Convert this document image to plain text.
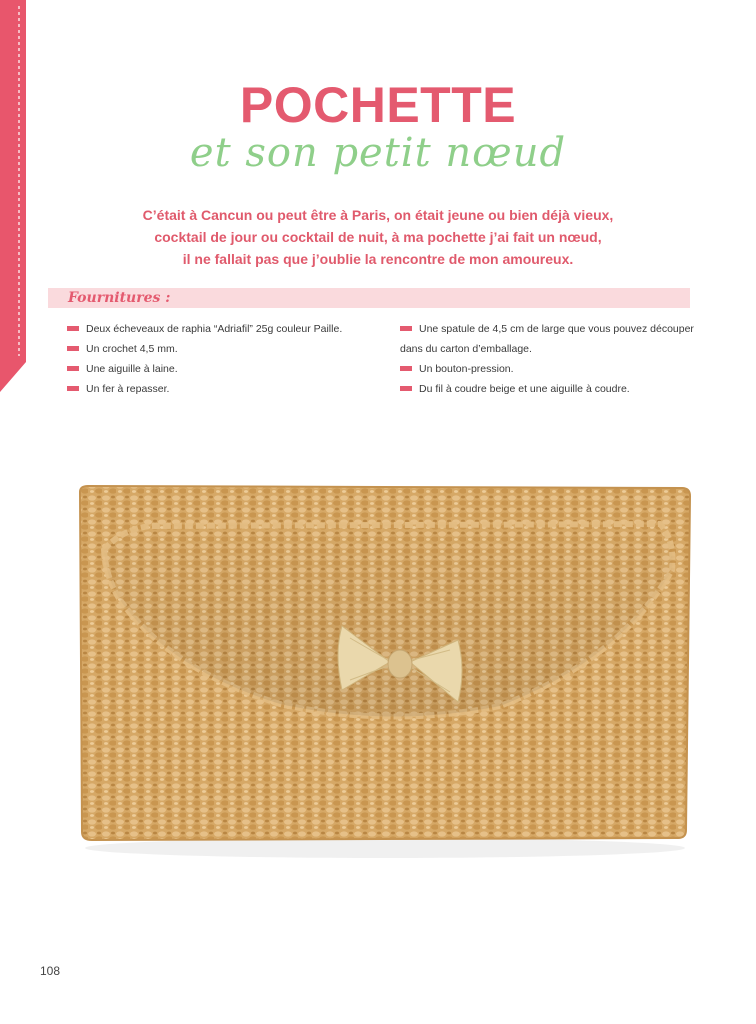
POCHETTE
et son petit nœud
C’était à Cancun ou peut être à Paris, on était jeune ou bien déjà vieux,
cocktail de jour ou cocktail de nuit, à ma pochette j’ai fait un nœud,
il ne fallait pas que j’oublie la rencontre de mon amoureux.
Fournitures :
Deux écheveaux de raphia “Adriafil” 25g couleur Paille.
Un crochet 4,5 mm.
Une aiguille à laine.
Un fer à repasser.
Une spatule de 4,5 cm de large que vous pouvez découper
dans du carton d’emballage.
Un bouton-pression.
Du fil à coudre beige et une aiguille à coudre.
108
